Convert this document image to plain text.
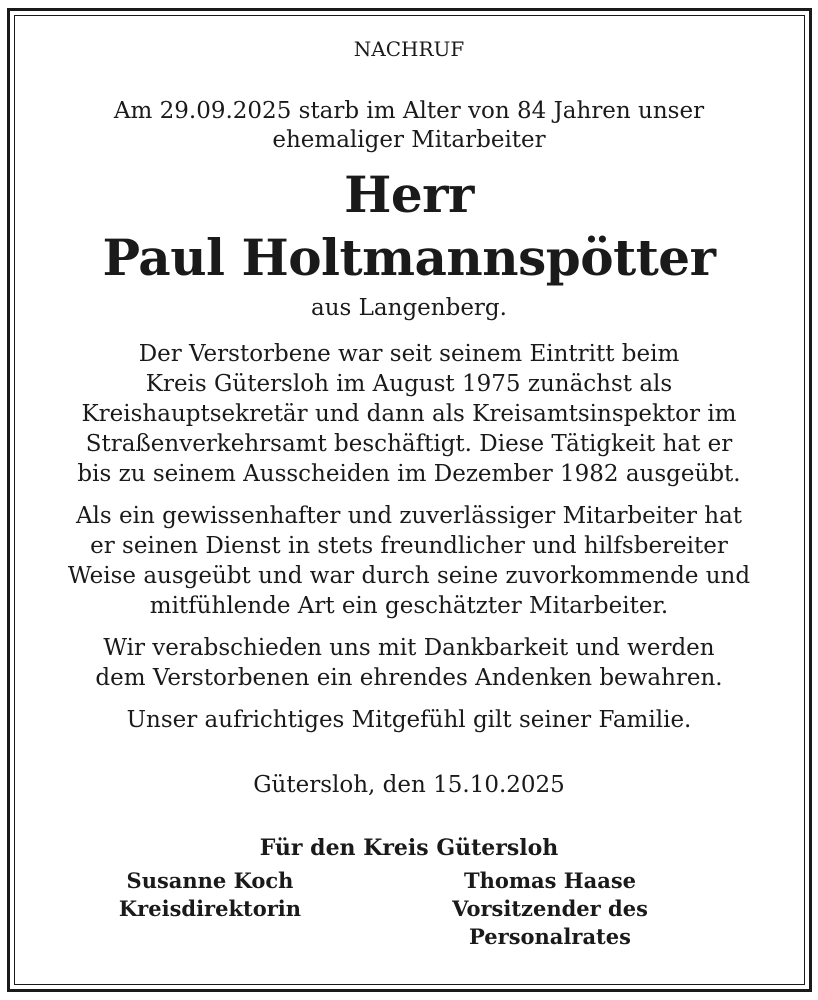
NACHRUF
Am 29.09.2025 starb im Alter von 84 Jahren unser
ehemaliger Mitarbeiter
Herr
Paul Holtmannspötter
aus Langenberg.
Der Verstorbene war seit seinem Eintritt beim
Kreis Gütersloh im August 1975 zunächst als
Kreishauptsekretär und dann als Kreisamtsinspektor im
Straßenverkehrsamt beschäftigt. Diese Tätigkeit hat er
bis zu seinem Ausscheiden im Dezember 1982 ausgeübt.
Als ein gewissenhafter und zuverlässiger Mitarbeiter hat
er seinen Dienst in stets freundlicher und hilfsbereiter
Weise ausgeübt und war durch seine zuvorkommende und
mitfühlende Art ein geschätzter Mitarbeiter.
Wir verabschieden uns mit Dankbarkeit und werden
dem Verstorbenen ein ehrendes Andenken bewahren.
Unser aufrichtiges Mitgefühl gilt seiner Familie.
Gütersloh, den 15.10.2025
Für den Kreis Gütersloh
Susanne Koch
Kreisdirektorin
Thomas Haase
Vorsitzender des
Personalrates
